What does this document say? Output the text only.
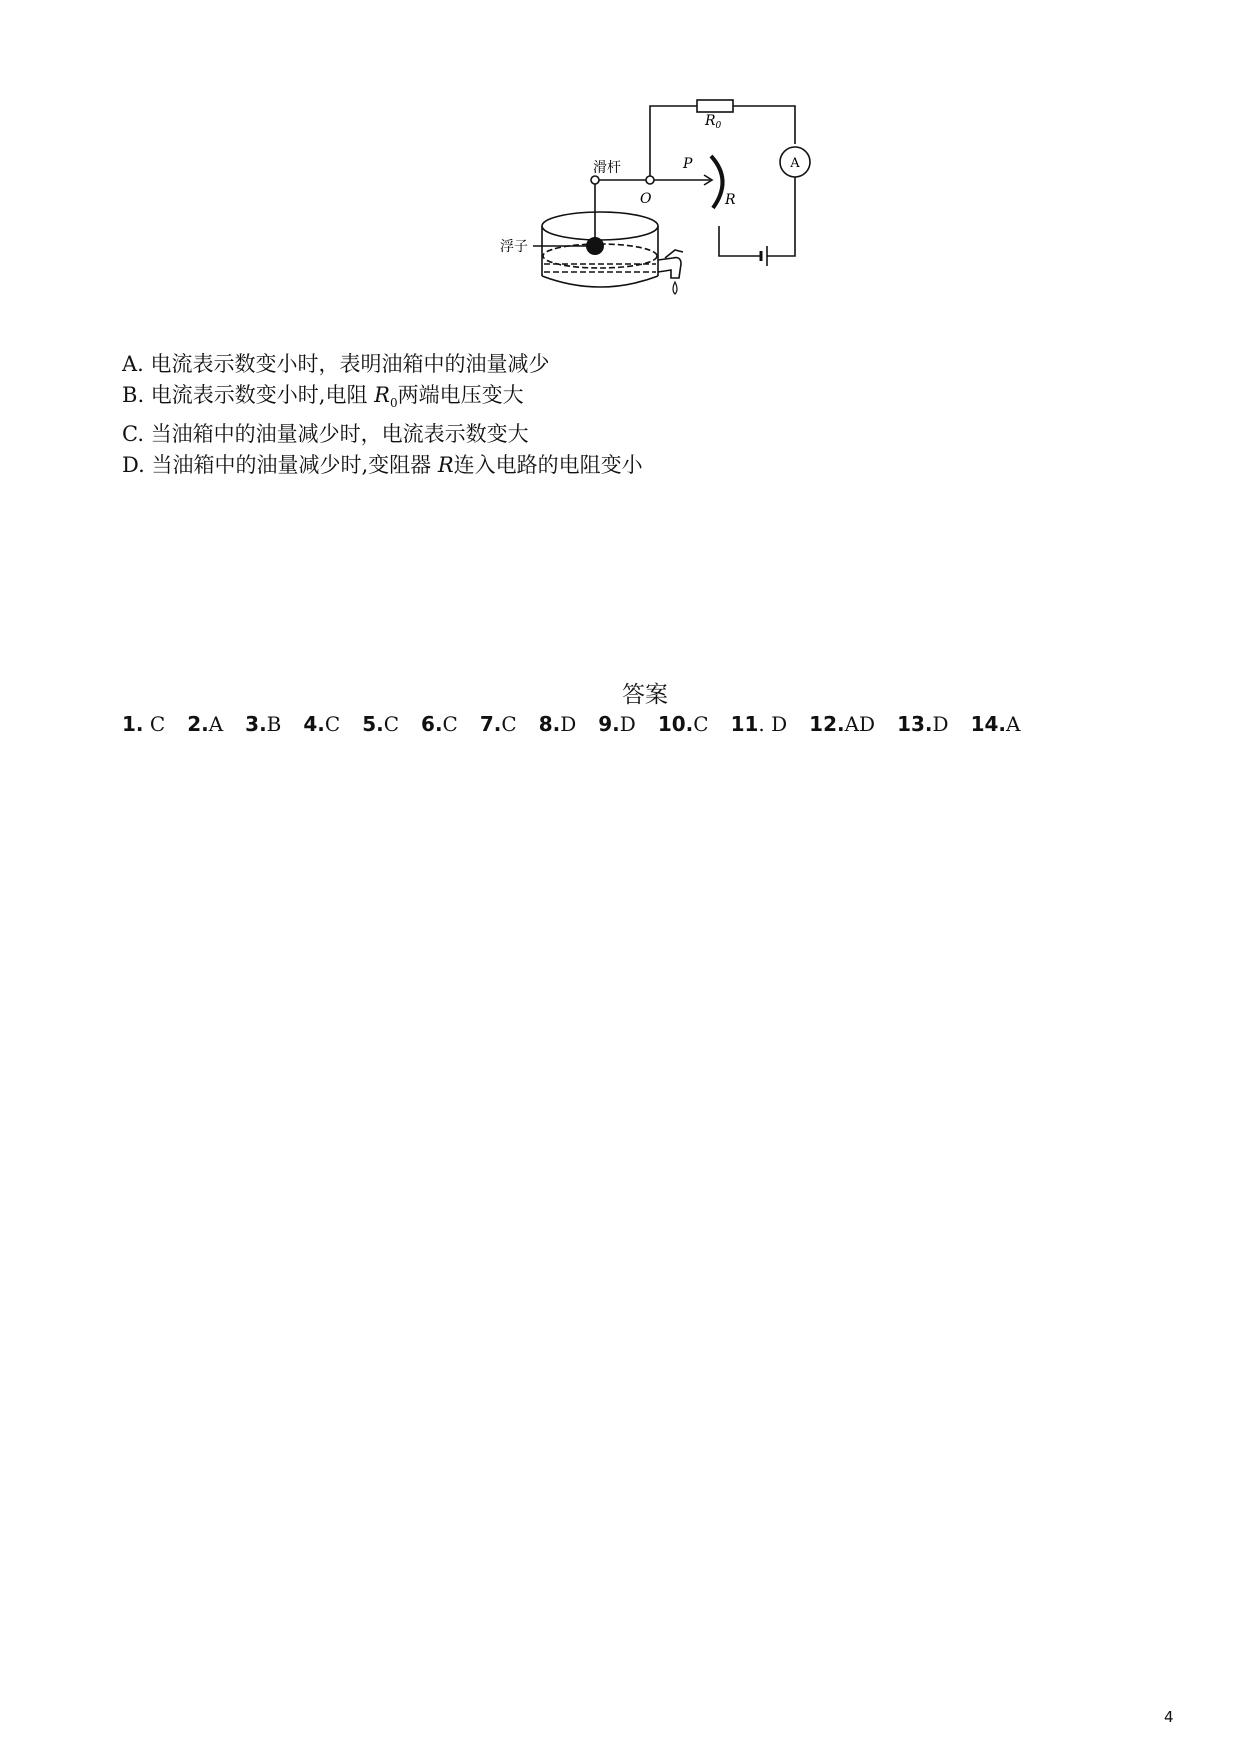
$R_0$
A
滑杆	P
O	R
浮子
A. 电流表示数变小时，表明油箱中的油量减少
B. 电流表示数变小时,电阻 $R_0$两端电压变大
C. 当油箱中的油量减少时，电流表示数变大
D. 当油箱中的油量减少时,变阻器 R连入电路的电阻变小
答案
1. C 2.A 3.B 4.C 5.C 6.C 7.C 8.D 9.D 10.C 11. D 12.AD 13.D 14.A
4
